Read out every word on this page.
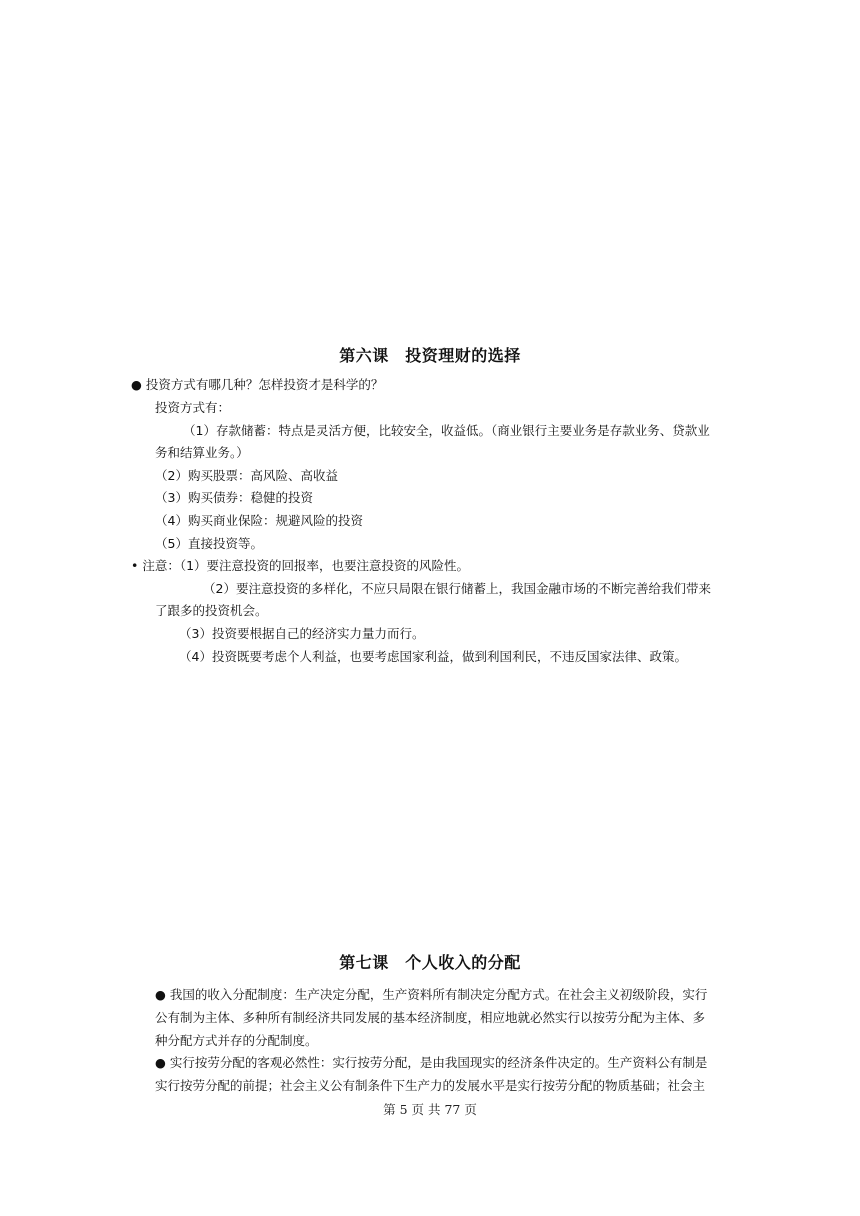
第六课　投资理财的选择
● 投资方式有哪几种？怎样投资才是科学的？
投资方式有：
（1）存款储蓄：特点是灵活方便，比较安全，收益低。（商业银行主要业务是存款业务、贷款业
务和结算业务。）
（2）购买股票：高风险、高收益
（3）购买债券：稳健的投资
（4）购买商业保险：规避风险的投资
（5）直接投资等。
• 注意：（1）要注意投资的回报率，也要注意投资的风险性。
（2）要注意投资的多样化，不应只局限在银行储蓄上，我国金融市场的不断完善给我们带来
了跟多的投资机会。
（3）投资要根据自己的经济实力量力而行。
（4）投资既要考虑个人利益，也要考虑国家利益，做到利国利民，不违反国家法律、政策。
第七课　个人收入的分配
● 我国的收入分配制度：生产决定分配，生产资料所有制决定分配方式。在社会主义初级阶段，实行
公有制为主体、多种所有制经济共同发展的基本经济制度，相应地就必然实行以按劳分配为主体、多
种分配方式并存的分配制度。
● 实行按劳分配的客观必然性：实行按劳分配，是由我国现实的经济条件决定的。生产资料公有制是
实行按劳分配的前提；社会主义公有制条件下生产力的发展水平是实行按劳分配的物质基础；社会主
第 5 页 共 77 页
